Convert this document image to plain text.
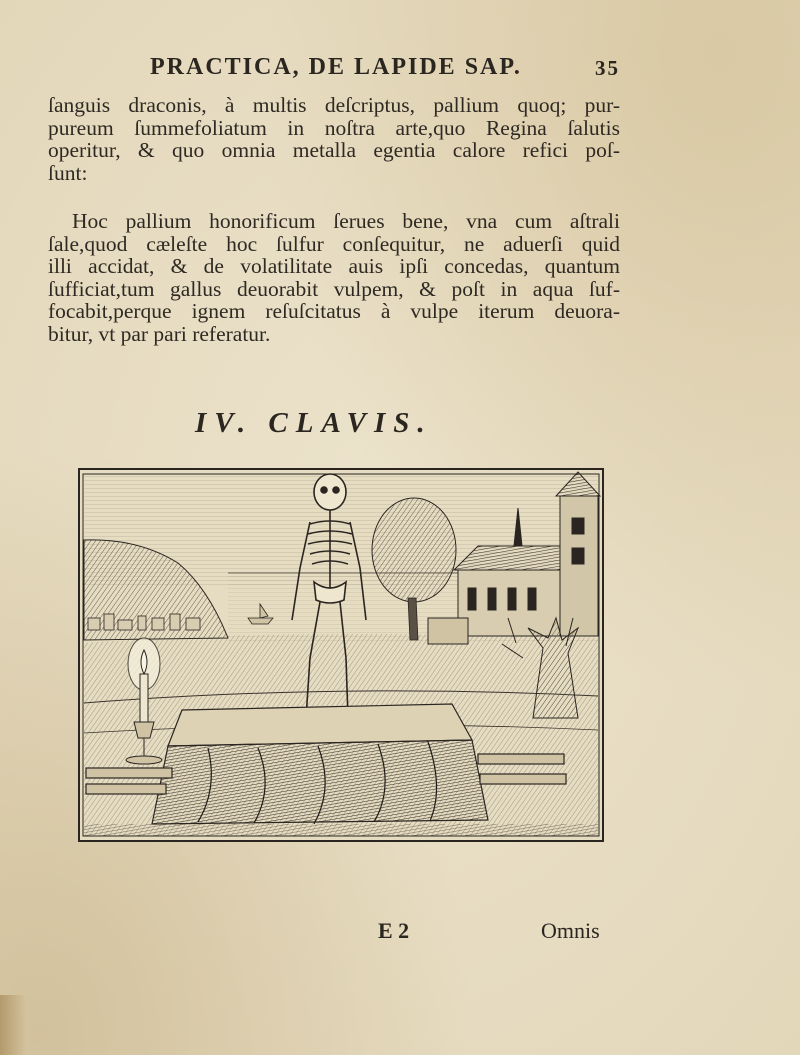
PRACTICA, DE LAPIDE SAP.	35
ſanguis draconis, à multis deſcriptus, pallium quoq; pur-
pureum ſummefoliatum in noſtra arte,quo Regina ſalutis
operitur, & quo omnia metalla egentia calore refici poſ-
ſunt:
Hoc pallium honorificum ſerues bene, vna cum aſtrali
ſale,quod cæleſte hoc ſulfur conſequitur, ne aduerſi quid
illi accidat, & de volatilitate auis ipſi concedas, quantum
ſufficiat,tum gallus deuorabit vulpem, & poſt in aqua ſuf-
focabit,perque ignem reſuſcitatus à vulpe iterum deuora-
bitur, vt par pari referatur.
IV. CLAVIS.
E 2	Omnis
